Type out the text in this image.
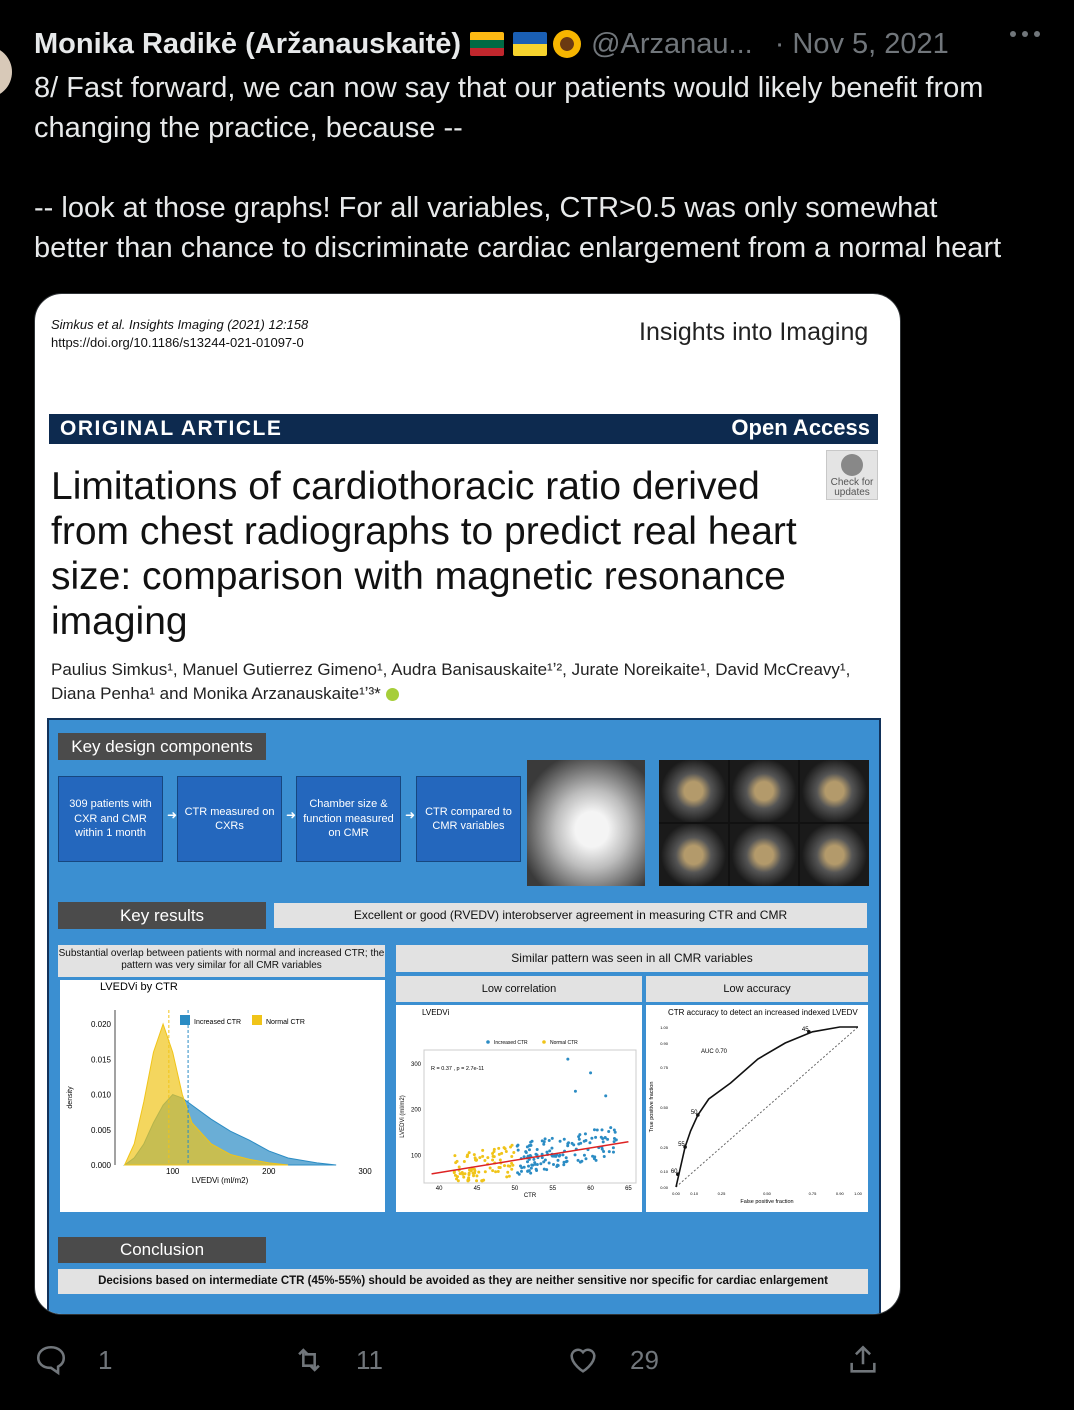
Monika Radikė (Aržanauskaitė)	@Arzanau... · Nov 5, 2021

8/ Fast forward, we can now say that our patients would likely benefit from

changing the practice, because --

-- look at those graphs! For all variables, CTR>0.5 was only somewhat

better than chance to discriminate cardiac enlargement from a normal heart

Simkus et al. Insights Imaging (2021) 12:158
https://doi.org/10.1186/s13244-021-01097-0	Insights into Imaging
ORIGINAL ARTICLE	Open Access
Check for
updates
Limitations of cardiothoracic ratio derived from chest radiographs to predict real heart size: comparison with magnetic resonance imaging
Paulius Simkus¹, Manuel Gutierrez Gimeno¹, Audra Banisauskaite¹ʼ², Jurate Noreikaite¹, David McCreavy¹,
Diana Penha¹ and Monika Arzanauskaite¹ʼ³*
Key design components
309 patients with CXR and CMR within 1 month
➜ CTR measured on CXRs
➜
Chamber size & function measured on CMR
➜ CTR compared to CMR variables
Key results	Excellent or good (RVEDV) interobserver agreement in measuring CTR and CMR
Substantial overlap between patients with normal and increased CTR; the pattern was very similar for all CMR variables
Similar pattern was seen in all CMR variables
Low correlation	Low accuracy
LVEDVi by CTR
Increased CTR	Normal CTR
0.000
0.005
0.010
0.015
0.020
100	200	300
LVEDVi (ml/m2)
density
LVEDVi
Increased CTR	Normal CTR
R = 0.37 , p = 2.7e-11
100
200
300
40	45	50	55	60	65
CTR
LVEDVi (ml/m2)
CTR accuracy to detect an increased indexed LVEDV
45
50
55
60
AUC 0.70
0.00
0.10
0.25
0.50
0.75
0.90
1.00
0.00	0.10	0.25	0.50	0.75	0.90	1.00
False positive fraction
True positive fraction
Conclusion
Decisions based on intermediate CTR (45%-55%) should be avoided as they are neither sensitive nor specific for cardiac enlargement
1	11	29
